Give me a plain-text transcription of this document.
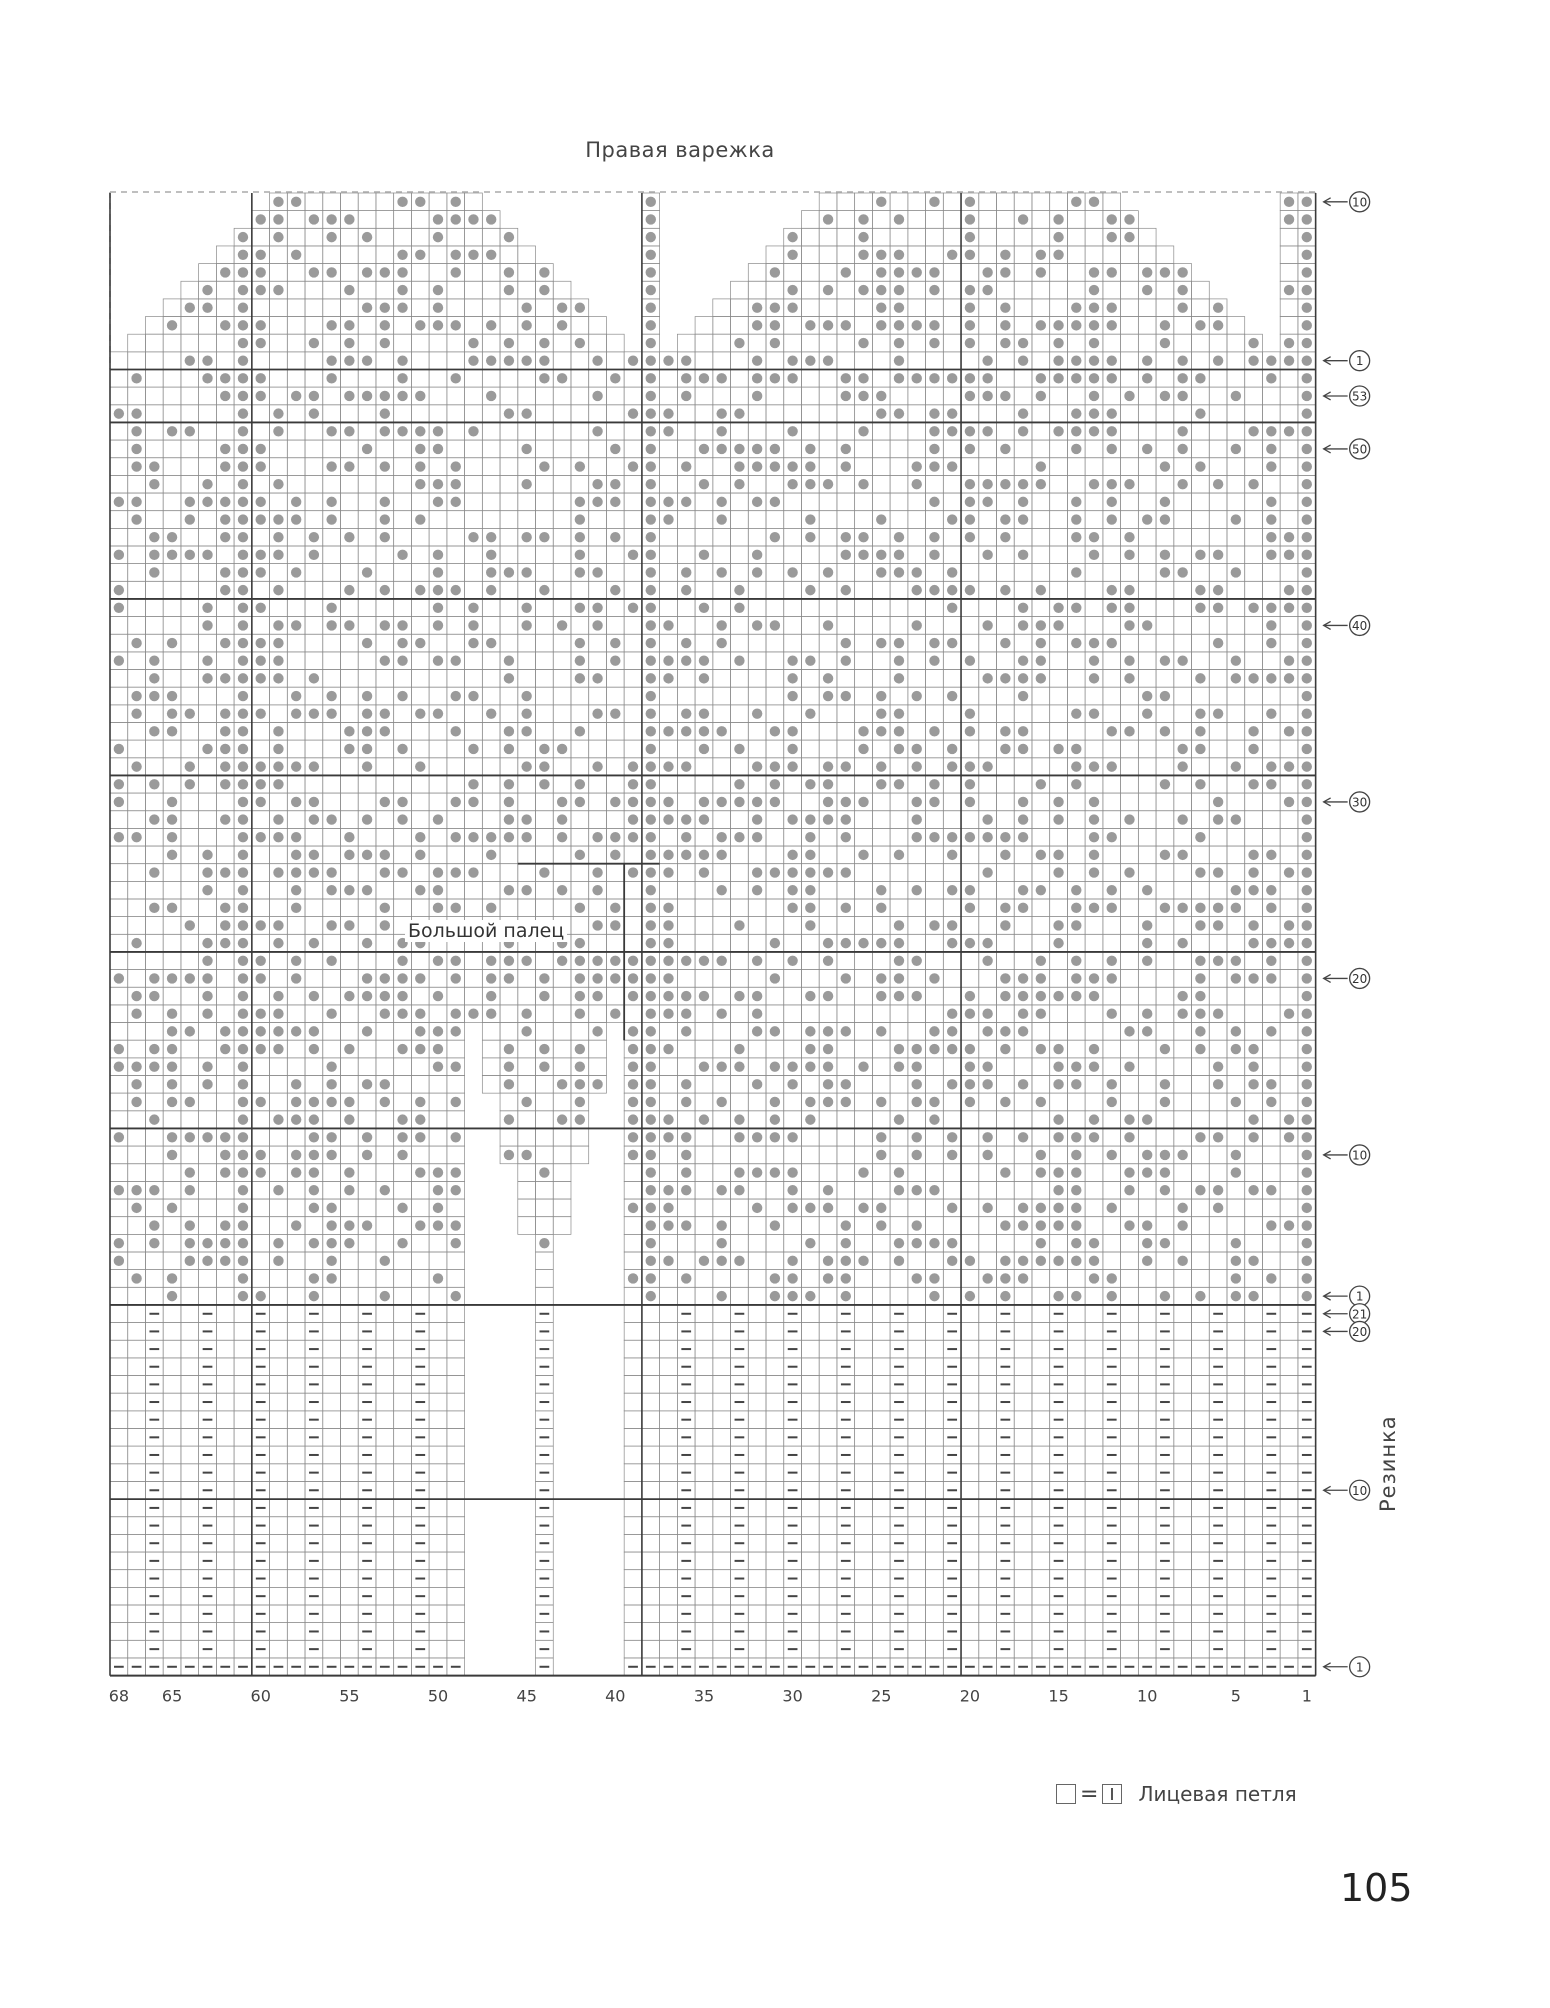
Правая варежка
68 65	60	55	50	45	40	35	30	25	20	15	10	5	1
10
1
53
50
40
30
20
10
1
21
20
10
1
Большой палец
Резинка
= Лицевая петля
105
